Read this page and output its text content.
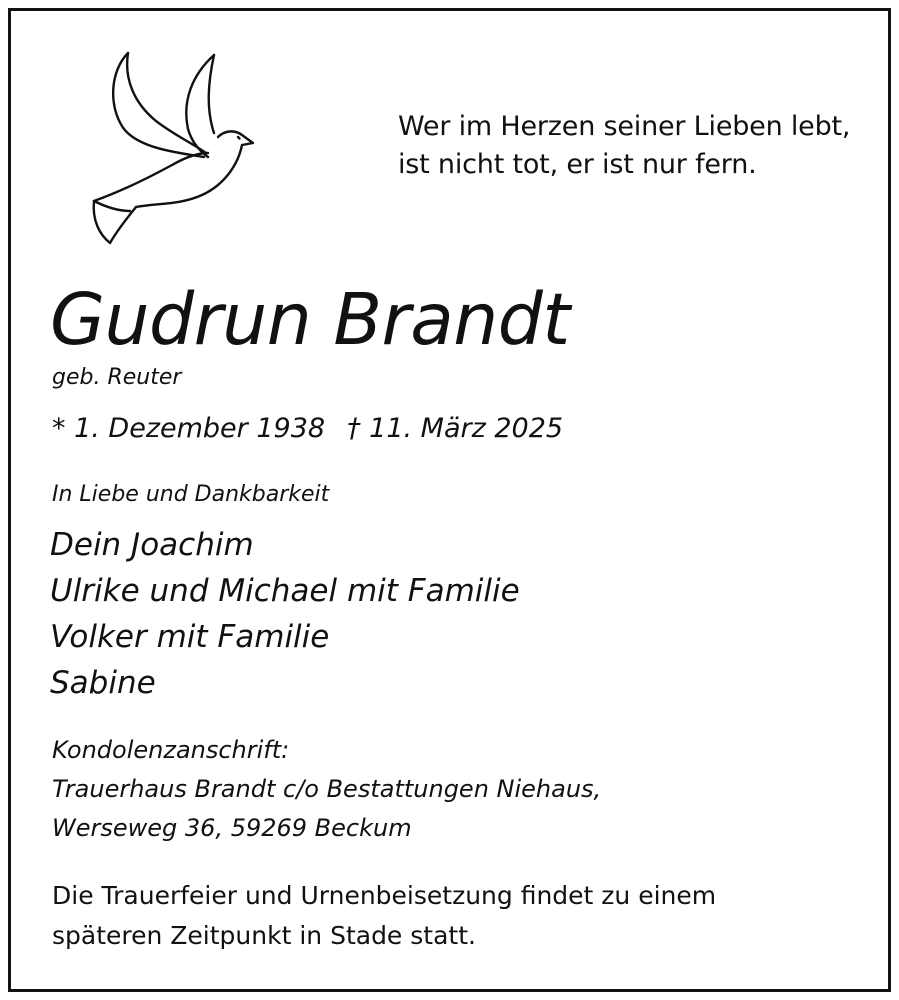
Wer im Herzen seiner Lieben lebt,
ist nicht tot, er ist nur fern.
Gudrun Brandt
geb. Reuter
* 1. Dezember 1938 † 11. März 2025
In Liebe und Dankbarkeit
Dein Joachim
Ulrike und Michael mit Familie
Volker mit Familie
Sabine
Kondolenzanschrift:
Trauerhaus Brandt c/o Bestattungen Niehaus,
Werseweg 36, 59269 Beckum
Die Trauerfeier und Urnenbeisetzung findet zu einem
späteren Zeitpunkt in Stade statt.
